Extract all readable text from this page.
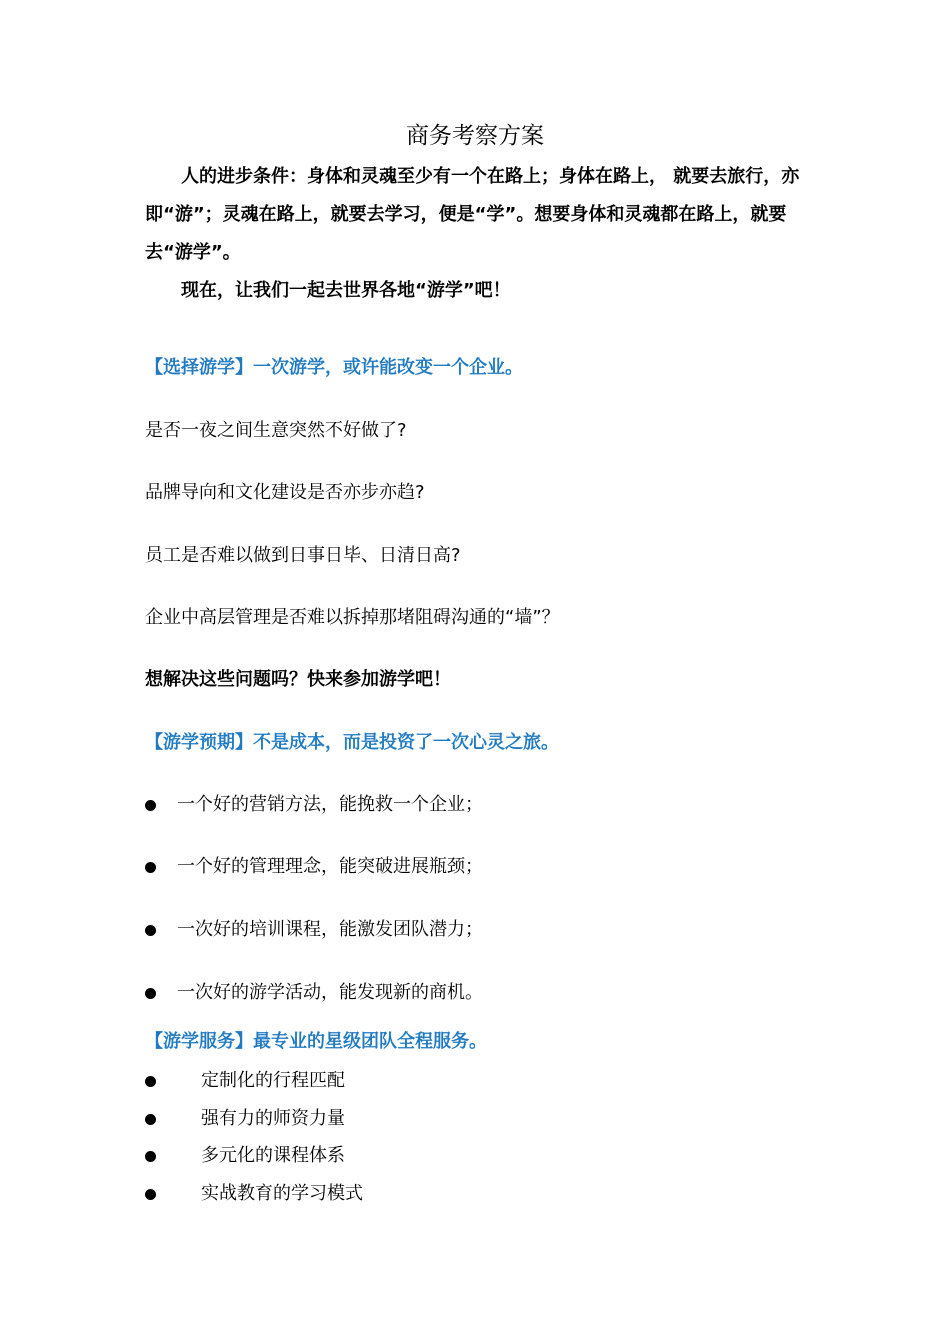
商务考察方案

人的进步条件：身体和灵魂至少有一个在路上；身体在路上， 就要去旅行，亦即“游”；灵魂在路上，就要去学习，便是“学”。想要身体和灵魂都在路上，就要去“游学”。

现在，让我们一起去世界各地“游学”吧！

【选择游学】一次游学，或许能改变一个企业。
是否一夜之间生意突然不好做了?
品牌导向和文化建设是否亦步亦趋?
员工是否难以做到日事日毕、日清日高?
企业中高层管理是否难以拆掉那堵阻碍沟通的“墙”？
想解决这些问题吗？快来参加游学吧！
【游学预期】不是成本，而是投资了一次心灵之旅。
一个好的营销方法，能挽救一个企业；
一个好的管理理念，能突破进展瓶颈；
一次好的培训课程，能激发团队潜力；
一次好的游学活动，能发现新的商机。
【游学服务】最专业的星级团队全程服务。
定制化的行程匹配
强有力的师资力量
多元化的课程体系
实战教育的学习模式
